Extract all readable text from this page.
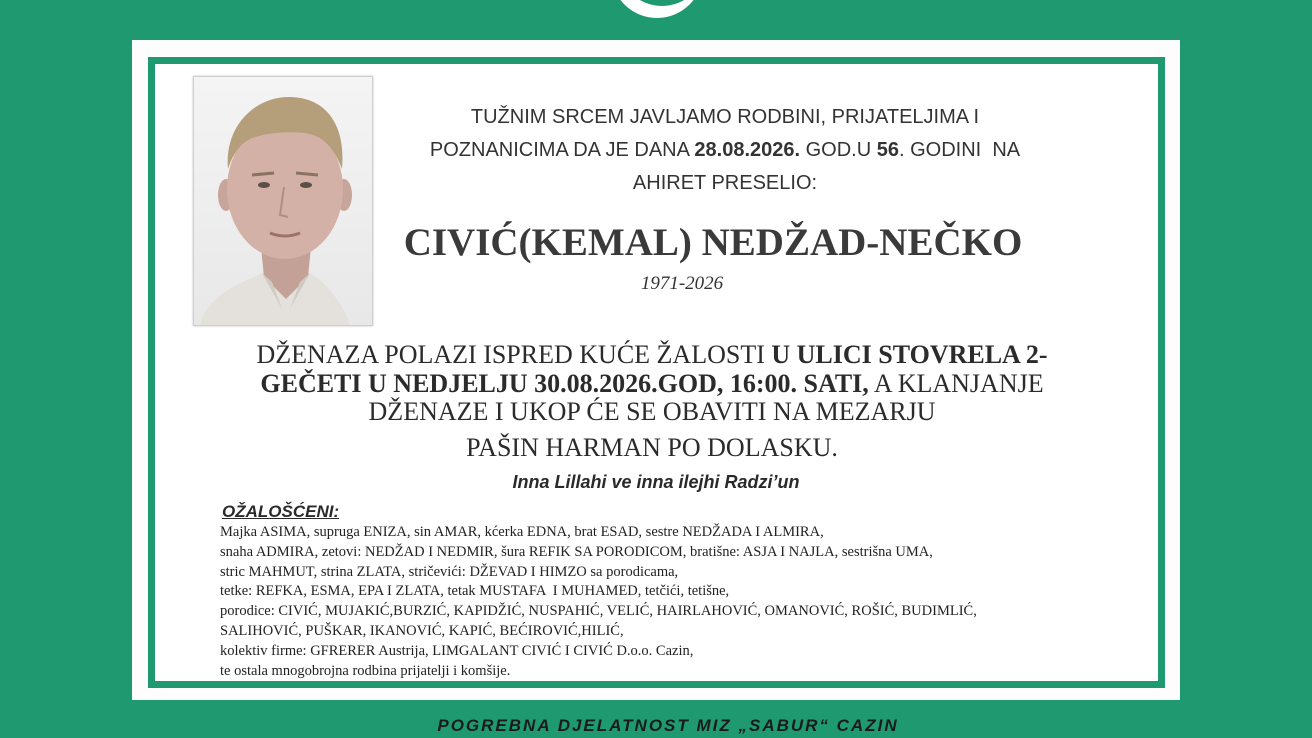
TUŽNIM SRCEM JAVLJAMO RODBINI, PRIJATELJIMA I
POZNANICIMA DA JE DANA 28.08.2026. GOD.U 56. GODINI  NA
AHIRET PRESELIO:
CIVIĆ(KEMAL) NEDŽAD-NEČKO
1971-2026
DŽENAZA POLAZI ISPRED KUĆE ŽALOSTI U ULICI STOVRELA 2-
GEČETI U NEDJELJU 30.08.2026.GOD, 16:00. SATI, A KLANJANJE
DŽENAZE I UKOP ĆE SE OBAVITI NA MEZARJU
PAŠIN HARMAN PO DOLASKU.
Inna Lillahi ve inna ilejhi Radzi’un
OŽALOŠĆENI:
Majka ASIMA, supruga ENIZA, sin AMAR, kćerka EDNA, brat ESAD, sestre NEDŽADA I ALMIRA,
snaha ADMIRA, zetovi: NEDŽAD I NEDMIR, šura REFIK SA PORODICOM, bratišne: ASJA I NAJLA, sestrišna UMA,
stric MAHMUT, strina ZLATA, stričevići: DŽEVAD I HIMZO sa porodicama,
tetke: REFKA, ESMA, EPA I ZLATA, tetak MUSTAFA  I MUHAMED, tetčići, tetišne,
porodice: CIVIĆ, MUJAKIĆ,BURZIĆ, KAPIDŽIĆ, NUSPAHIĆ, VELIĆ, HAIRLAHOVIĆ, OMANOVIĆ, ROŠIĆ, BUDIMLIĆ,
SALIHOVIĆ, PUŠKAR, IKANOVIĆ, KAPIĆ, BEĆIROVIĆ,HILIĆ,
kolektiv firme: GFRERER Austrija, LIMGALANT CIVIĆ I CIVIĆ D.o.o. Cazin,
te ostala mnogobrojna rodbina prijatelji i komšije.
POGREBNA DJELATNOST MIZ „SABUR“ CAZIN
